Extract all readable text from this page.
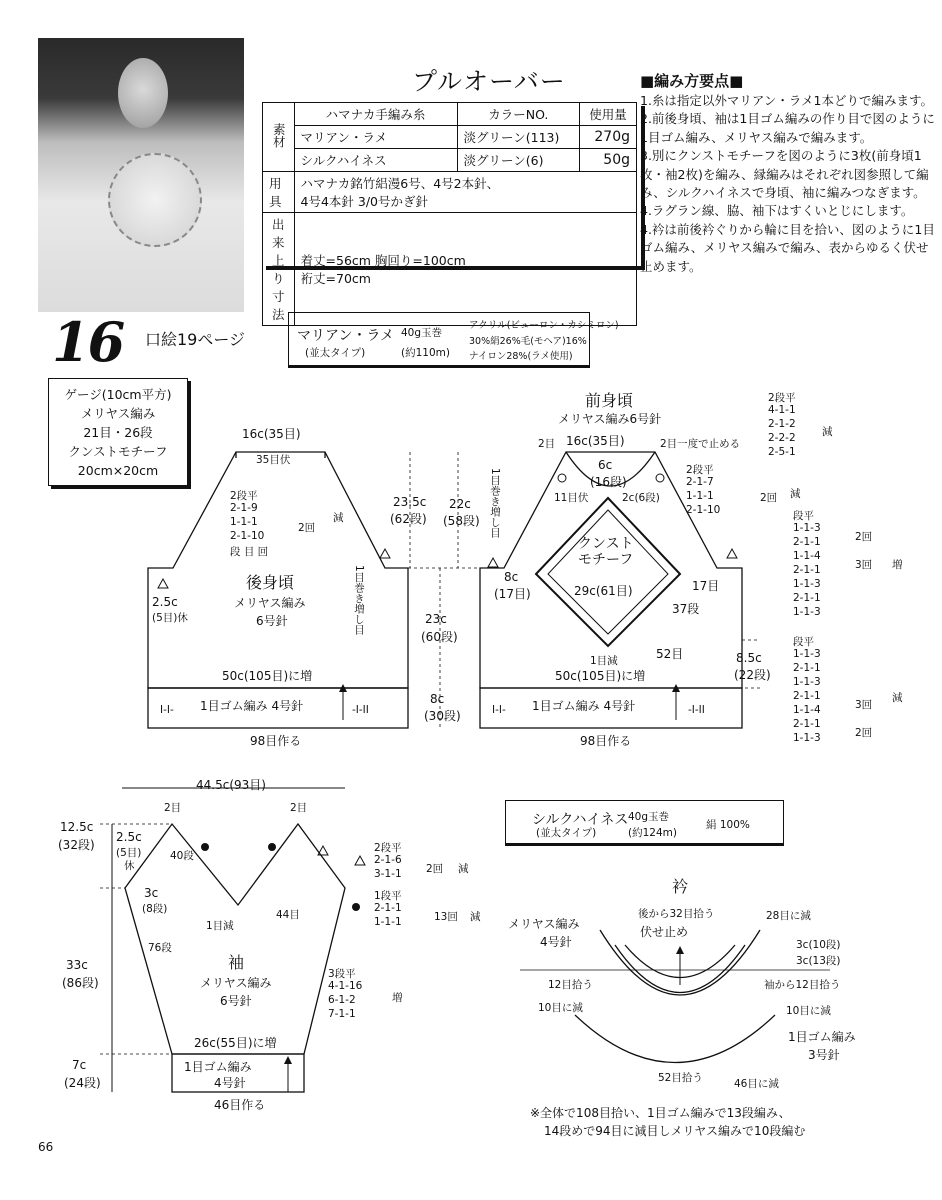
16 口絵19ページ
プルオーバー
素材	ハマナカ手編み糸	カラーNO.	使用量
	マリアン・ラメ	淡グリーン(113)	270g
	シルクハイネス	淡グリーン(6)	50g
用具	ハマナカ銘竹絽漫6号、4号2本針、
4号4本針 3/0号かぎ針		

出来上り寸法	着丈=56cm 胸回り=100cm
裄丈=70cm		
■編み方要点■

1.糸は指定以外マリアン・ラメ1本どりで編みます。

2.前後身頃、袖は1目ゴム編みの作り目で図のように1目ゴム編み、メリヤス編みで編みます。

3.別にクンストモチーフを図のように3枚(前身頃1枚・袖2枚)を編み、縁編みはそれぞれ図参照して編み、シルクハイネスで身頃、袖に編みつなぎます。

4.ラグラン線、脇、袖下はすくいとじにします。

4.衿は前後衿ぐりから輪に目を拾い、図のように1目ゴム編み、メリヤス編みで編み、表からゆるく伏せ止めます。

マリアン・ラメ 40g玉巻
(並太タイプ)	(約110m)
アクリル(ビューロン・カシミロン)
30%絹26%毛(モヘア)16%
ナイロン28%(ラメ使用)
ゲージ(10cm平方)
メリヤス編み
21目・26段
クンストモチーフ
20cm×20cm
16c(35目)
35目伏
2段平
2-1-9
1-1-1
2-1-10
段 目 回
2回
減
後身頃
メリヤス編み
6号針
2.5c
(5目)休	1目巻き増し目
50c(105目)に増
1目ゴム編み 4号針
I-I-	-I-II
98目作る
前身頃
メリヤス編み6号針
16c(35目)
2目	2目一度で止める
6c
(16段)
11目伏	2c(6段)
2段平
2-1-7
1-1-1
2-1-10
2回 減
2段平
4-1-1
2-1-2
2-2-2
2-5-1
減
クンスト
モチーフ
29c(61目)
8c
(17目)
17目
37段
52目
1目減
1目巻き増し目
50c(105目)に増
1目ゴム編み 4号針
I-I-	-I-II
98目作る
23.5c
(62段)
22c
(58段)
23c
(60段)
8c
(30段)
8.5c
(22段)
段平
1-1-3
2-1-1
1-1-4
2-1-1
1-1-3
2-1-1
1-1-3
2回
3回 増
段平
1-1-3
2-1-1
1-1-3
2-1-1
1-1-4
2-1-1
1-1-3
3回
2回
減
44.5c(93目)
2目	2目
2.5c
(5目)
休
3c
(8段)
40段
1目減
44目
76段
2段平
2-1-6
3-1-1 2回 減
1段平
2-1-1
1-1-1	13回 減
3段平
4-1-16
6-1-2
7-1-1
増
袖
メリヤス編み
6号針
12.5c
(32段)
33c
(86段)
7c
(24段)
26c(55目)に増
1目ゴム編み
4号針
46目作る
シルクハイネス 40g玉巻
(並太タイプ)	(約124m)
絹 100%
衿
メリヤス編み
4号針
後から32目拾う
伏せ止め
28目に減
3c(10段)
3c(13段)
袖から12目拾う
10目に減
12目拾う
10目に減
1目ゴム編み
3号針
52目拾う	46目に減
※全体で108目拾い、1目ゴム編みで13段編み、
14段めで94目に減目しメリヤス編みで10段編む
66
